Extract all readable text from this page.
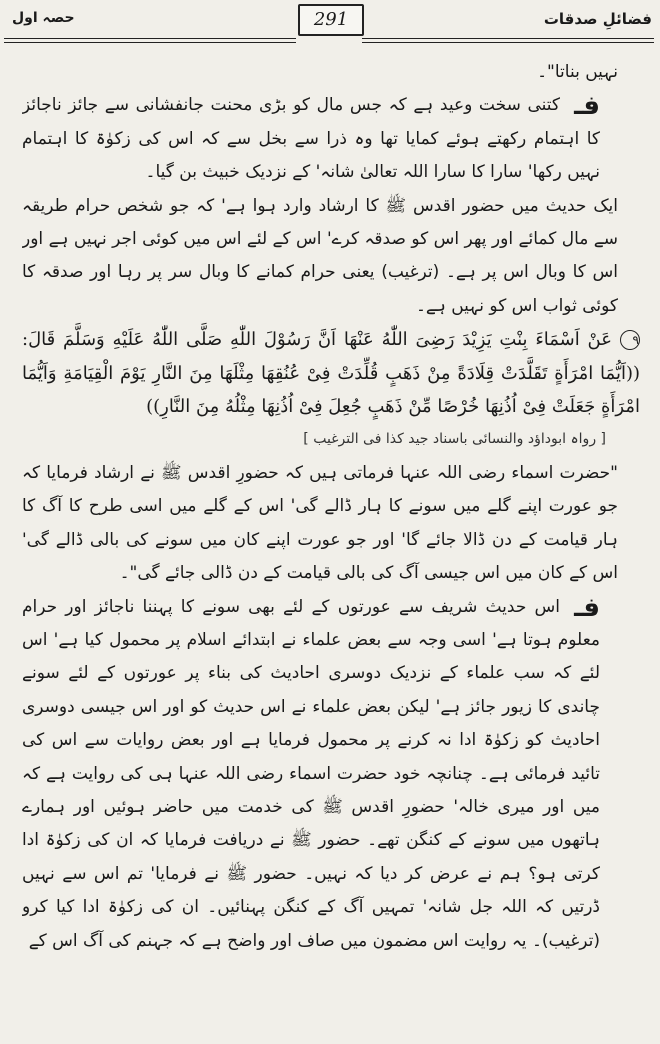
فضائلِ صدقات
حصہ اول	291

نہیں بناتا"۔

فـ
کتنی سخت وعید ہے کہ جس مال کو بڑی محنت جانفشانی سے جائز ناجائز کا اہتمام رکھتے ہوئے کمایا تھا وہ ذرا سے بخل سے کہ اس کی زکوٰۃ کا اہتمام نہیں رکھا' سارا کا سارا اللہ تعالیٰ شانہ' کے نزدیک خبیث بن گیا۔

ایک حدیث میں حضور اقدس ﷺ کا ارشاد وارد ہوا ہے' کہ جو شخص حرام طریقہ سے مال کمائے اور پھر اس کو صدقہ کرے' اس کے لئے اس میں کوئی اجر نہیں ہے اور اس کا وبال اس پر ہے۔ (ترغیب) یعنی حرام کمانے کا وبال سر پر رہا اور صدقہ کا کوئی ثواب اس کو نہیں ہے۔

٩عَنْ اَسْمَاءَ بِنْتِ يَزِيْدَ رَضِىَ اللّٰهُ عَنْهَا اَنَّ رَسُوْلَ اللّٰهِ صَلَّى اللّٰهُ عَلَيْهِ وَسَلَّمَ قَالَ: ((اَيُّمَا امْرَأَةٍ تَقَلَّدَتْ قِلَادَةً مِنْ ذَهَبٍ قُلِّدَتْ فِىْ عُنُقِهَا مِثْلَهَا مِنَ النَّارِ يَوْمَ الْقِيَامَةِ وَاَيُّمَا امْرَأَةٍ جَعَلَتْ فِىْ اُذُنِهَا خُرْصًا مِّنْ ذَهَبٍ جُعِلَ فِىْ اُذُنِهَا مِثْلُهُ مِنَ النَّارِ))

[ رواہ ابوداؤد والنسائی باسناد جید کذا فی الترغیب ]

"حضرت اسماء رضی اللہ عنہا فرماتی ہیں کہ حضورِ اقدس ﷺ نے ارشاد فرمایا کہ جو عورت اپنے گلے میں سونے کا ہار ڈالے گی' اس کے گلے میں اسی طرح کا آگ کا ہار قیامت کے دن ڈالا جائے گا' اور جو عورت اپنے کان میں سونے کی بالی ڈالے گی' اس کے کان میں اس جیسی آگ کی بالی قیامت کے دن ڈالی جائے گی"۔

فـ
اس حدیث شریف سے عورتوں کے لئے بھی سونے کا پہننا ناجائز اور حرام معلوم ہوتا ہے' اسی وجہ سے بعض علماء نے ابتدائے اسلام پر محمول کیا ہے' اس لئے کہ سب علماء کے نزدیک دوسری احادیث کی بناء پر عورتوں کے لئے سونے چاندی کا زیور جائز ہے' لیکن بعض علماء نے اس حدیث کو اور اس جیسی دوسری احادیث کو زکوٰۃ ادا نہ کرنے پر محمول فرمایا ہے اور بعض روایات سے اس کی تائید فرمائی ہے۔ چنانچہ خود حضرت اسماء رضی اللہ عنہا ہی کی روایت ہے کہ میں اور میری خالہ' حضورِ اقدس ﷺ کی خدمت میں حاضر ہوئیں اور ہمارے ہاتھوں میں سونے کے کنگن تھے۔ حضور ﷺ نے دریافت فرمایا کہ ان کی زکوٰۃ ادا کرتی ہو؟ ہم نے عرض کر دیا کہ نہیں۔ حضور ﷺ نے فرمایا' تم اس سے نہیں ڈرتیں کہ اللہ جل شانہ' تمہیں آگ کے کنگن پہنائیں۔ ان کی زکوٰۃ ادا کیا کرو (ترغیب)۔ یہ روایت اس مضمون میں صاف اور واضح ہے کہ جہنم کی آگ اس کے
